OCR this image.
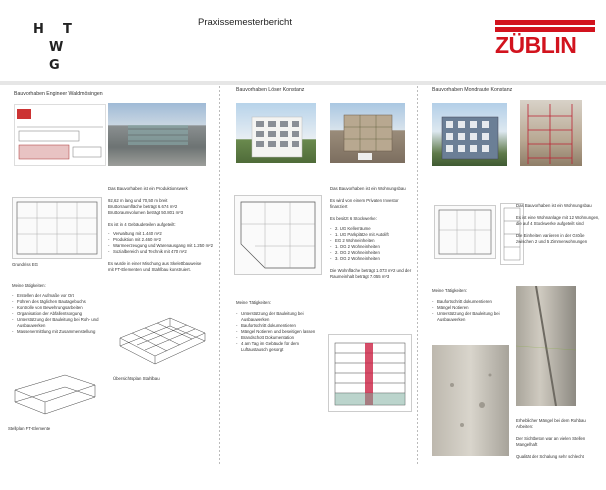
H T
W
G
Praxissemesterbericht
ZÜBLIN
Bauvorhaben Engineer Waldmösingen
Das Bauvorhaben ist ein Produktionswerk
92,62 m lang und 70,50 m breit
Bruttorraumfläche beträgt 6.674 m²2
Bruttoraumvolumen beträgt 50.801 m³3
Es ist in 4 Gebäudeteilen aufgeteilt:
- Verwaltung mit 1.440 m²2
- Produktion mit 2.460 m²2
- Warmeerzeugung und Warenausgang mit 1.250 m²2
- Sozialbereich und Technik mit 470 m²2
Es wurde in einer Mischung aus Skelettbauweise
mit FT-Elementen und Stahlbau konstruiert.
Grundriss EG
Meine tätigkeiten:
- Erstellen der Aufmaße vor Ort
- Führen des täglichen Bautagebuchs
- Kontrolle von Bewehrungsarbeiten
- Organisation der Abfallentsorgung
- Unterstützung der Bauleitung bei Roh- und Ausbauwerken
- Massenermittlung mit Zusammenstellung
Übersichtsplan Stahlbau
Stellplan FT-Elemente
Bauvorhaben Löser Konstanz
Das Bauvorhaben ist ein Wohnungsbau
Es wird von einem Privaten Investor finanziert
Es besitzt 6 Stockwerke:
- 2. UG Kellerräume
- 1. UG Parkplätze mit Autolift
- EG 2 Wohneinheiten
- 1. OG 2 Wohneinheiten
- 2. OG 2 Wohneinheiten
- 3. OG 2 Wohneinheiten
Die Wohnfläche beträgt 1.073 m²2 und der
Raumeinhalt beträgt 7.055 m³3
Meine Tätigkeiten:
- Unterstützung der Bauleitung bei Ausbauwerken
- Baufortschritt dokumentieren
- Mängel Notieren und beseitigen lassen
- Brandschott Dokumentation
- 4 am Tag im Gebäude für dem Luftaustausch gesorgt
Bauvorhaben Mondraute Konstanz
Das Bauvorhaben ist ein Wohnungsbau
Es ist eine Wohnanlage mit 12 Wohnungen,
die auf 4 Stockwerke aufgeteilt sind
Die Einheiten variieren in der Größe
zwischen 2 und 5 Zimmerwohnungen
Meine Tätigkeiten:
- Baufortschritt dokumentieren
- Mängel Notieren
- Unterstützung der Bauleitung bei Ausbauwerken
Erheblicher Mängel bei dem Rohbau
Arbeiten:
Der Sichtbeton war an vielen Stellen
Mangelhaft
Qualität der Schalung sehr schlecht
